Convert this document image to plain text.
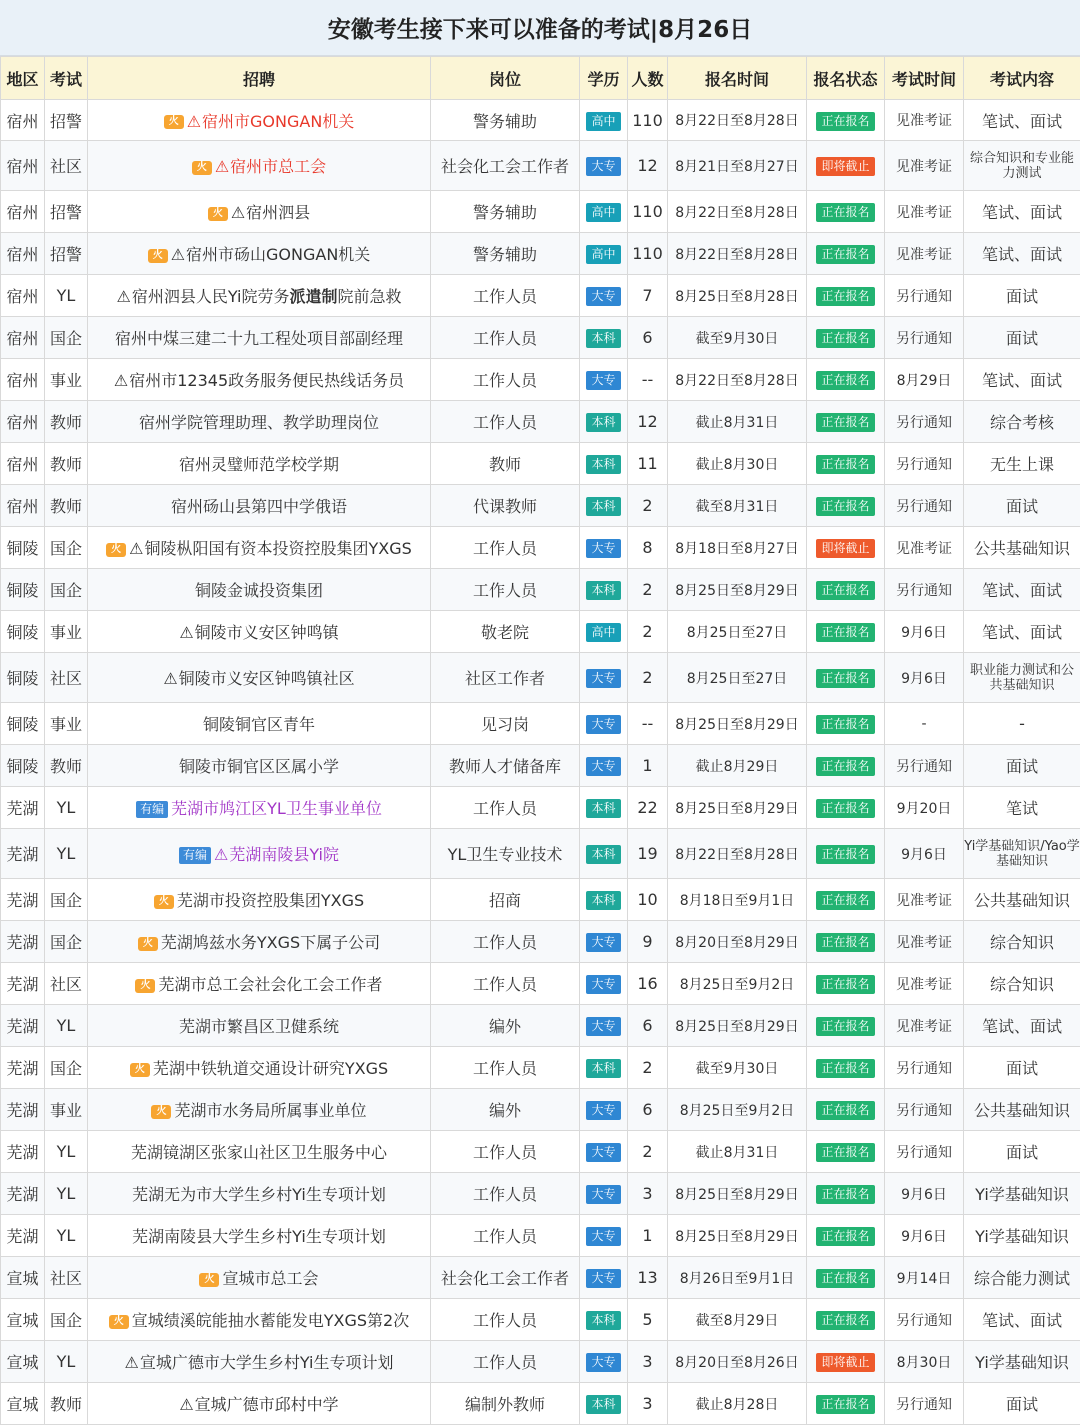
安徽考生接下来可以准备的考试|8月26日
地区	考试	招聘	岗位	学历	人数	报名时间	报名状态	考试时间	考试内容
宿州	招警	火 ⚠宿州市GONGAN机关	警务辅助	高中	110	8月22日至8月28日	正在报名	见准考证	笔试、面试
宿州	社区	火 ⚠宿州市总工会	社会化工会工作者	大专	12	8月21日至8月27日	即将截止	见准考证	综合知识和专业能力测试
宿州	招警	火 ⚠宿州泗县	警务辅助	高中	110	8月22日至8月28日	正在报名	见准考证	笔试、面试
宿州	招警	火 ⚠宿州市砀山GONGAN机关	警务辅助	高中	110	8月22日至8月28日	正在报名	见准考证	笔试、面试
宿州	YL	⚠宿州泗县人民Yi院劳务派遣制院前急救	工作人员	大专	7	8月25日至8月28日	正在报名	另行通知	面试
宿州	国企	宿州中煤三建二十九工程处项目部副经理	工作人员	本科	6	截至9月30日	正在报名	另行通知	面试
宿州	事业	⚠宿州市12345政务服务便民热线话务员	工作人员	大专	--	8月22日至8月28日	正在报名	8月29日	笔试、面试
宿州	教师	宿州学院管理助理、教学助理岗位	工作人员	本科	12	截止8月31日	正在报名	另行通知	综合考核
宿州	教师	宿州灵璧师范学校学期	教师	本科	11	截止8月30日	正在报名	另行通知	无生上课
宿州	教师	宿州砀山县第四中学俄语	代课教师	本科	2	截至8月31日	正在报名	另行通知	面试
铜陵	国企	火 ⚠铜陵枞阳国有资本投资控股集团YXGS	工作人员	大专	8	8月18日至8月27日	即将截止	见准考证	公共基础知识
铜陵	国企	铜陵金诚投资集团	工作人员	本科	2	8月25日至8月29日	正在报名	另行通知	笔试、面试
铜陵	事业	⚠铜陵市义安区钟鸣镇	敬老院	高中	2	8月25日至27日	正在报名	9月6日	笔试、面试
铜陵	社区	⚠铜陵市义安区钟鸣镇社区	社区工作者	大专	2	8月25日至27日	正在报名	9月6日	职业能力测试和公共基础知识
铜陵	事业	铜陵铜官区青年	见习岗	大专	--	8月25日至8月29日	正在报名	-	-
铜陵	教师	铜陵市铜官区区属小学	教师人才储备库	大专	1	截止8月29日	正在报名	另行通知	面试
芜湖	YL	有编 芜湖市鸠江区YL卫生事业单位	工作人员	本科	22	8月25日至8月29日	正在报名	9月20日	笔试
芜湖	YL	有编 ⚠芜湖南陵县Yi院	YL卫生专业技术	本科	19	8月22日至8月28日	正在报名	9月6日	Yi学基础知识/Yao学基础知识
芜湖	国企	火 芜湖市投资控股集团YXGS	招商	本科	10	8月18日至9月1日	正在报名	见准考证	公共基础知识
芜湖	国企	火 芜湖鸠兹水务YXGS下属子公司	工作人员	大专	9	8月20日至8月29日	正在报名	见准考证	综合知识
芜湖	社区	火 芜湖市总工会社会化工会工作者	工作人员	大专	16	8月25日至9月2日	正在报名	见准考证	综合知识
芜湖	YL	芜湖市繁昌区卫健系统	编外	大专	6	8月25日至8月29日	正在报名	见准考证	笔试、面试
芜湖	国企	火 芜湖中铁轨道交通设计研究YXGS	工作人员	本科	2	截至9月30日	正在报名	另行通知	面试
芜湖	事业	火 芜湖市水务局所属事业单位	编外	大专	6	8月25日至9月2日	正在报名	另行通知	公共基础知识
芜湖	YL	芜湖镜湖区张家山社区卫生服务中心	工作人员	大专	2	截止8月31日	正在报名	另行通知	面试
芜湖	YL	芜湖无为市大学生乡村Yi生专项计划	工作人员	大专	3	8月25日至8月29日	正在报名	9月6日	Yi学基础知识
芜湖	YL	芜湖南陵县大学生乡村Yi生专项计划	工作人员	大专	1	8月25日至8月29日	正在报名	9月6日	Yi学基础知识
宣城	社区	火 宣城市总工会	社会化工会工作者	大专	13	8月26日至9月1日	正在报名	9月14日	综合能力测试
宣城	国企	火 宣城绩溪皖能抽水蓄能发电YXGS第2次	工作人员	本科	5	截至8月29日	正在报名	另行通知	笔试、面试
宣城	YL	⚠宣城广德市大学生乡村Yi生专项计划	工作人员	大专	3	8月20日至8月26日	即将截止	8月30日	Yi学基础知识
宣城	教师	⚠宣城广德市邱村中学	编制外教师	本科	3	截止8月28日	正在报名	另行通知	面试
